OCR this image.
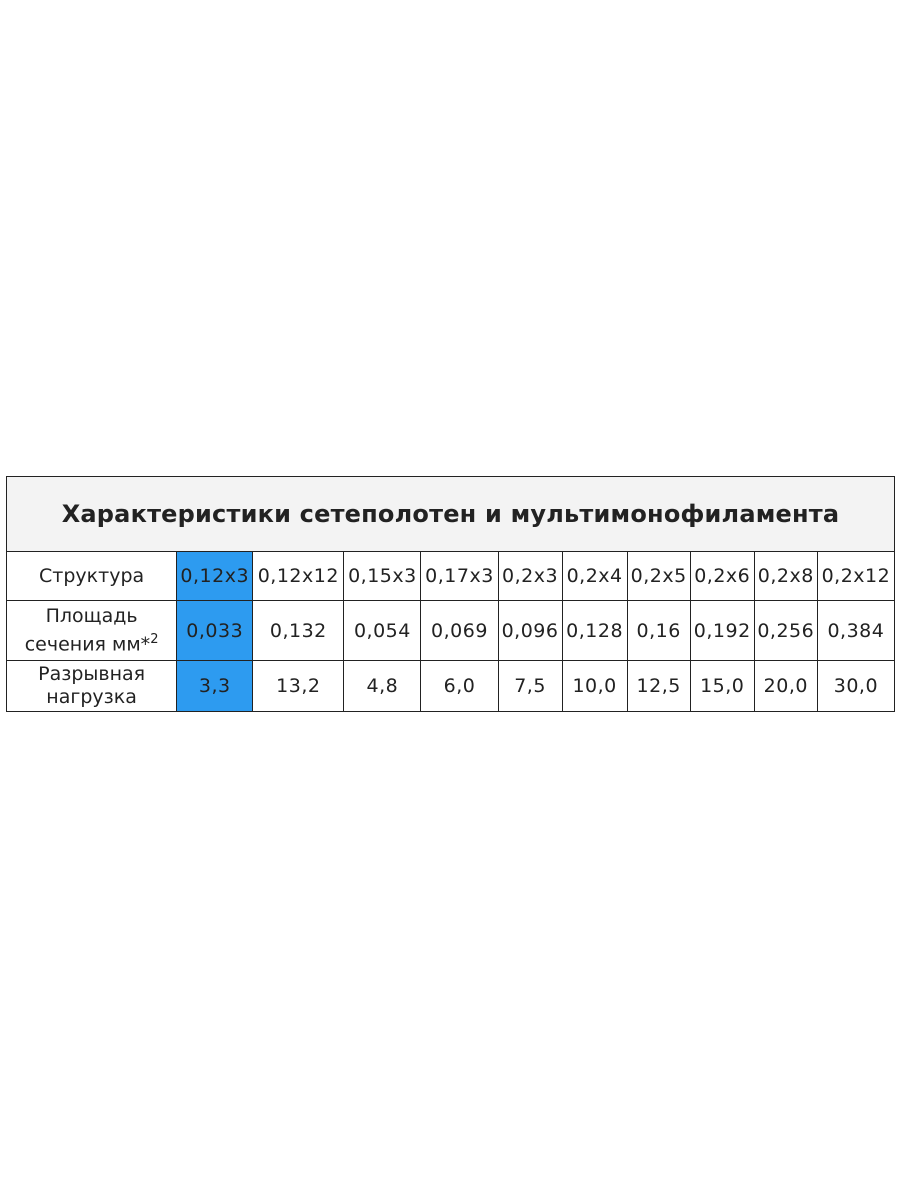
Характеристики сетеполотен и мультимонофиламента										
Структура	0,12x3	0,12x12	0,15x3	0,17x3	0,2x3	0,2x4	0,2x5	0,2x6	0,2x8	0,2x12
Площадь
сечения мм*$^2$	0,033	0,132	0,054	0,069	0,096	0,128	0,16	0,192	0,256	0,384
Разрывная
нагрузка	3,3	13,2	4,8	6,0	7,5	10,0	12,5	15,0	20,0	30,0
